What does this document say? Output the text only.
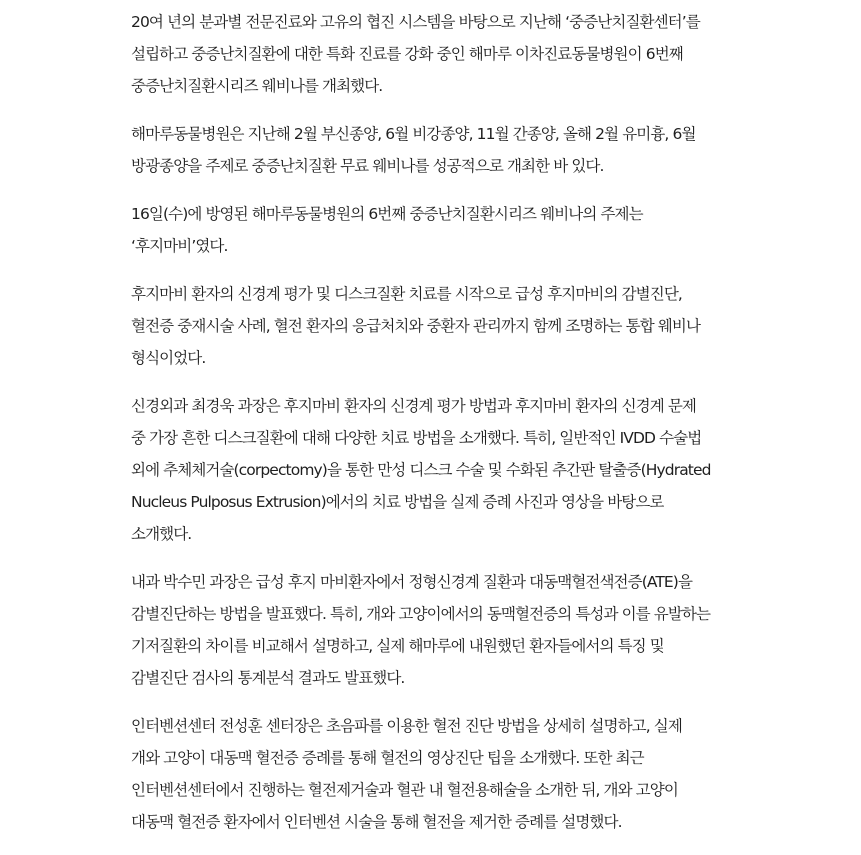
20여 년의 분과별 전문진료와 고유의 협진 시스템을 바탕으로 지난해 ‘중증난치질환센터’를
설립하고 중증난치질환에 대한 특화 진료를 강화 중인 해마루 이차진료동물병원이 6번째
중증난치질환시리즈 웨비나를 개최했다.

해마루동물병원은 지난해 2월 부신종양, 6월 비강종양, 11월 간종양, 올해 2월 유미흉, 6월
방광종양을 주제로 중증난치질환 무료 웨비나를 성공적으로 개최한 바 있다.

16일(수)에 방영된 해마루동물병원의 6번째 중증난치질환시리즈 웨비나의 주제는
‘후지마비’였다.

후지마비 환자의 신경계 평가 및 디스크질환 치료를 시작으로 급성 후지마비의 감별진단,
혈전증 중재시술 사례, 혈전 환자의 응급처치와 중환자 관리까지 함께 조명하는 통합 웨비나
형식이었다.

신경외과 최경욱 과장은 후지마비 환자의 신경계 평가 방법과 후지마비 환자의 신경계 문제
중 가장 흔한 디스크질환에 대해 다양한 치료 방법을 소개했다. 특히, 일반적인 IVDD 수술법
외에 추체체거술(corpectomy)을 통한 만성 디스크 수술 및 수화된 추간판 탈출증(Hydrated
Nucleus Pulposus Extrusion)에서의 치료 방법을 실제 증례 사진과 영상을 바탕으로
소개했다.

내과 박수민 과장은 급성 후지 마비환자에서 정형신경계 질환과 대동맥혈전색전증(ATE)을
감별진단하는 방법을 발표했다. 특히, 개와 고양이에서의 동맥혈전증의 특성과 이를 유발하는
기저질환의 차이를 비교해서 설명하고, 실제 해마루에 내원했던 환자들에서의 특징 및
감별진단 검사의 통계분석 결과도 발표했다.

인터벤션센터 전성훈 센터장은 초음파를 이용한 혈전 진단 방법을 상세히 설명하고, 실제
개와 고양이 대동맥 혈전증 증례를 통해 혈전의 영상진단 팁을 소개했다. 또한 최근
인터벤션센터에서 진행하는 혈전제거술과 혈관 내 혈전용해술을 소개한 뒤, 개와 고양이
대동맥 혈전증 환자에서 인터벤션 시술을 통해 혈전을 제거한 증례를 설명했다.
